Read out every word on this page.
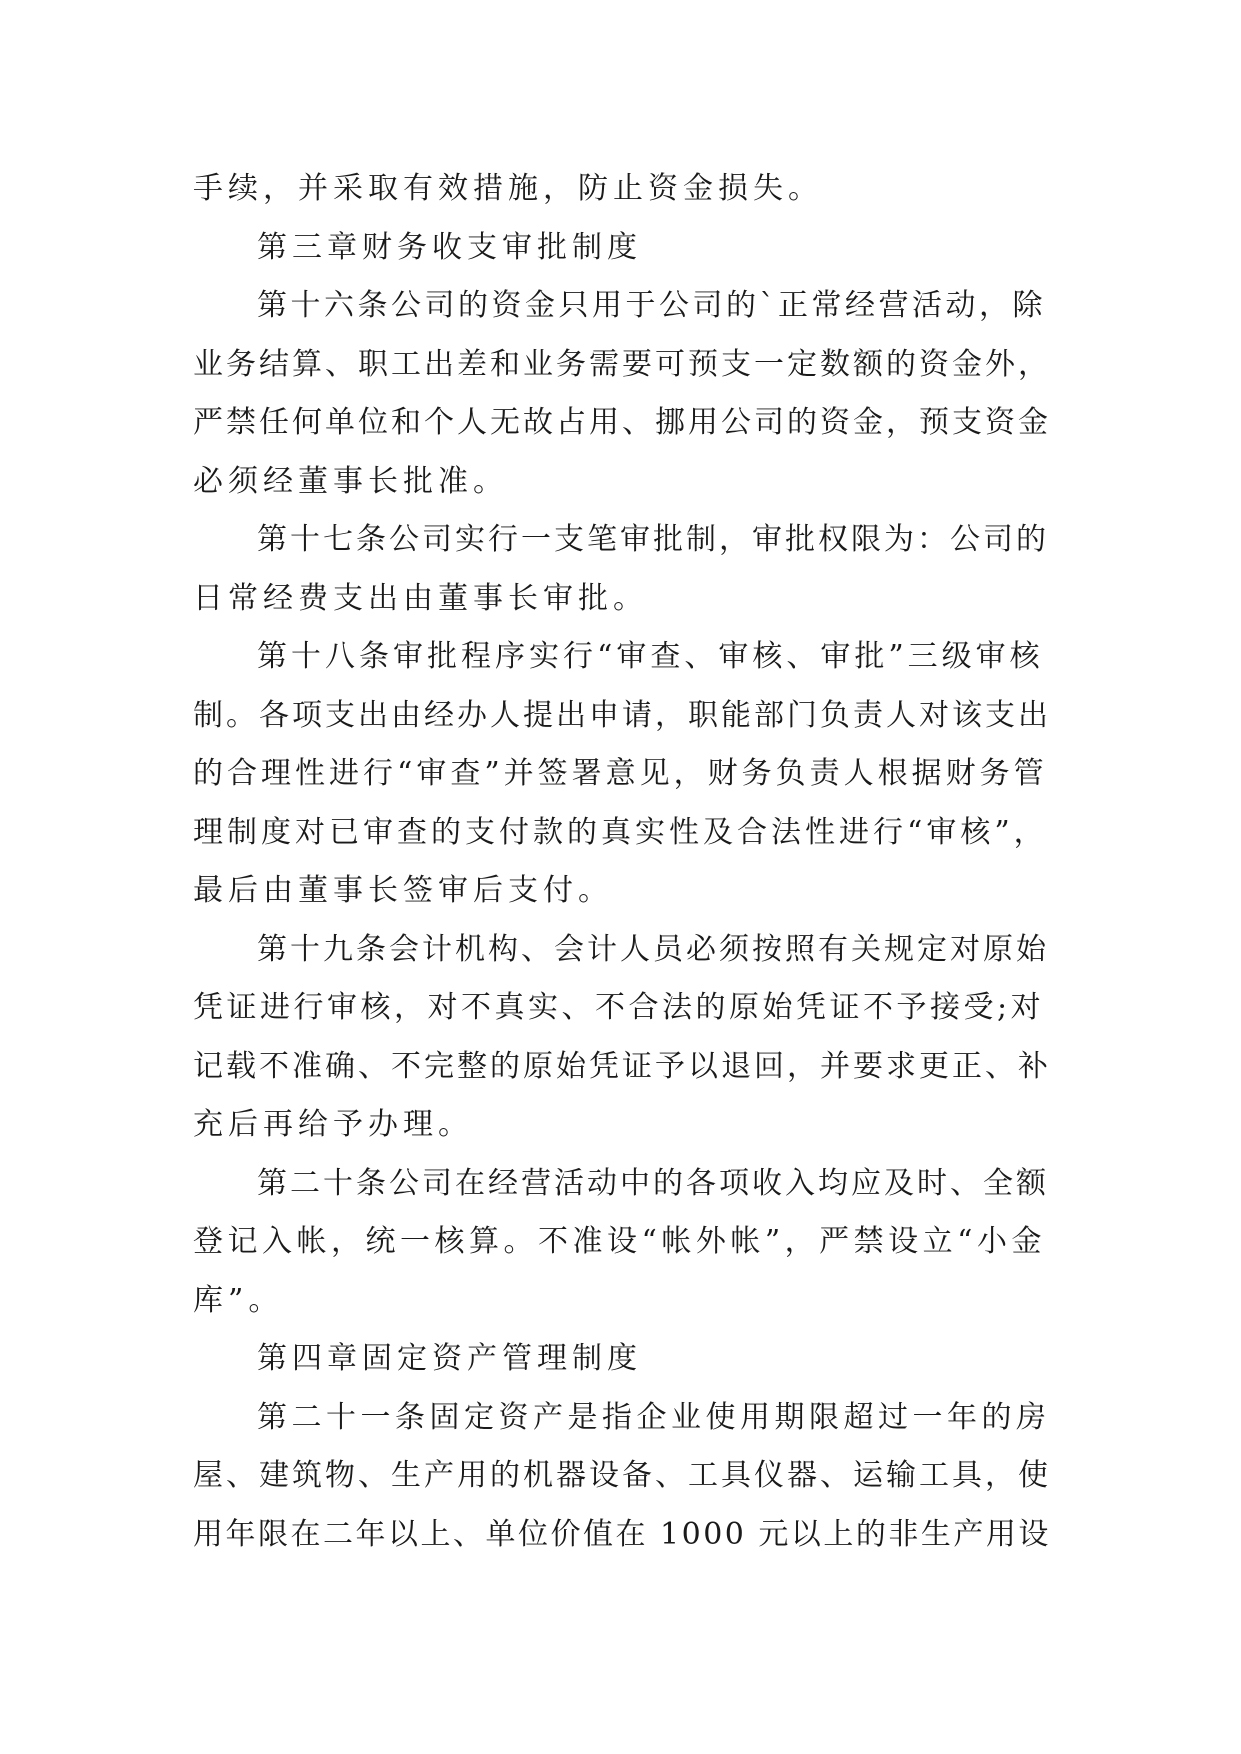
手续，并采取有效措施，防止资金损失。
第三章财务收支审批制度
第十六条公司的资金只用于公司的`正常经营活动，除
业务结算、职工出差和业务需要可预支一定数额的资金外，
严禁任何单位和个人无故占用、挪用公司的资金，预支资金
必须经董事长批准。
第十七条公司实行一支笔审批制，审批权限为：公司的
日常经费支出由董事长审批。
第十八条审批程序实行“审查、审核、审批”三级审核
制。各项支出由经办人提出申请，职能部门负责人对该支出
的合理性进行“审查”并签署意见，财务负责人根据财务管
理制度对已审查的支付款的真实性及合法性进行“审核”，
最后由董事长签审后支付。
第十九条会计机构、会计人员必须按照有关规定对原始
凭证进行审核，对不真实、不合法的原始凭证不予接受;对
记载不准确、不完整的原始凭证予以退回，并要求更正、补
充后再给予办理。
第二十条公司在经营活动中的各项收入均应及时、全额
登记入帐，统一核算。不准设“帐外帐”，严禁设立“小金
库”。
第四章固定资产管理制度
第二十一条固定资产是指企业使用期限超过一年的房
屋、建筑物、生产用的机器设备、工具仪器、运输工具，使
用年限在二年以上、单位价值在 1000 元以上的非生产用设
